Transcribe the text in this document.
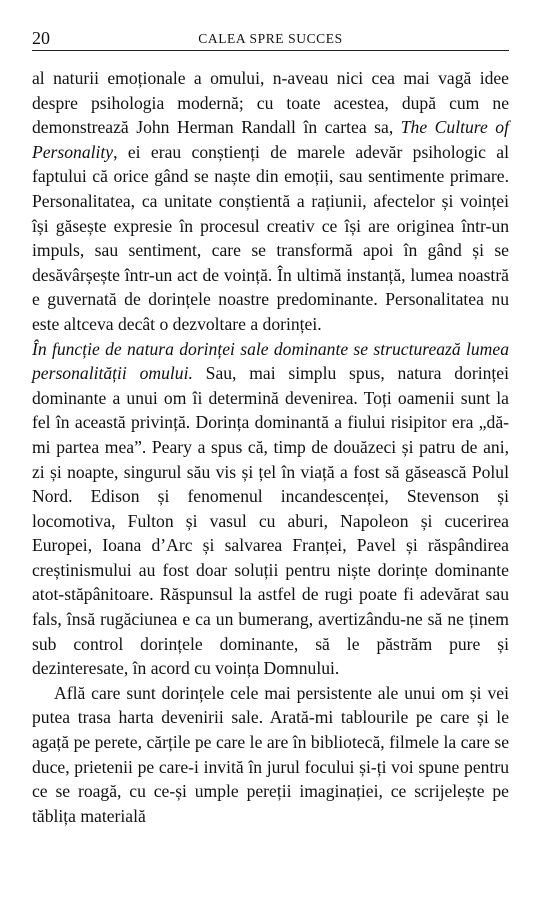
20	CALEA SPRE SUCCES

al naturii emoționale a omului, n-aveau nici cea mai vagă idee despre psihologia modernă; cu toate acestea, după cum ne demonstrează John Herman Randall în cartea sa, The Culture of Personality, ei erau conștienți de marele adevăr psihologic al faptului că orice gând se naște din emoții, sau sentimente primare. Personalitatea, ca unitate conștientă a rațiunii, afectelor și voinței își găsește expresie în procesul creativ ce își are originea într-un impuls, sau sentiment, care se transformă apoi în gând și se desăvârșește într-un act de voință. În ultimă instanță, lumea noastră e guvernată de dorințele noastre predominante. Personalitatea nu este altceva decât o dezvoltare a dorinței.

În funcție de natura dorinței sale dominante se structurează lumea personalității omului. Sau, mai simplu spus, natura dorinței dominante a unui om îi determină devenirea. Toți oamenii sunt la fel în această privință. Dorința dominantă a fiului risipitor era „dă-mi partea mea”. Peary a spus că, timp de douăzeci și patru de ani, zi și noapte, singurul său vis și țel în viață a fost să găsească Polul Nord. Edison și fenomenul incandescenței, Stevenson și locomotiva, Fulton și vasul cu aburi, Napoleon și cucerirea Europei, Ioana d’Arc și salvarea Franței, Pavel și răspândirea creștinismului au fost doar soluții pentru niște dorințe dominante atot-stăpânitoare. Răspunsul la astfel de rugi poate fi adevărat sau fals, însă rugăciunea e ca un bumerang, avertizându-ne să ne ținem sub control dorințele dominante, să le păstrăm pure și dezinteresate, în acord cu voința Domnului.

Află care sunt dorințele cele mai persistente ale unui om și vei putea trasa harta devenirii sale. Arată-mi tablourile pe care și le agață pe perete, cărțile pe care le are în bibliotecă, filmele la care se duce, prietenii pe care-i invită în jurul focului și-ți voi spune pentru ce se roagă, cu ce-și umple pereții imaginației, ce scrijelește pe tăblița materială
